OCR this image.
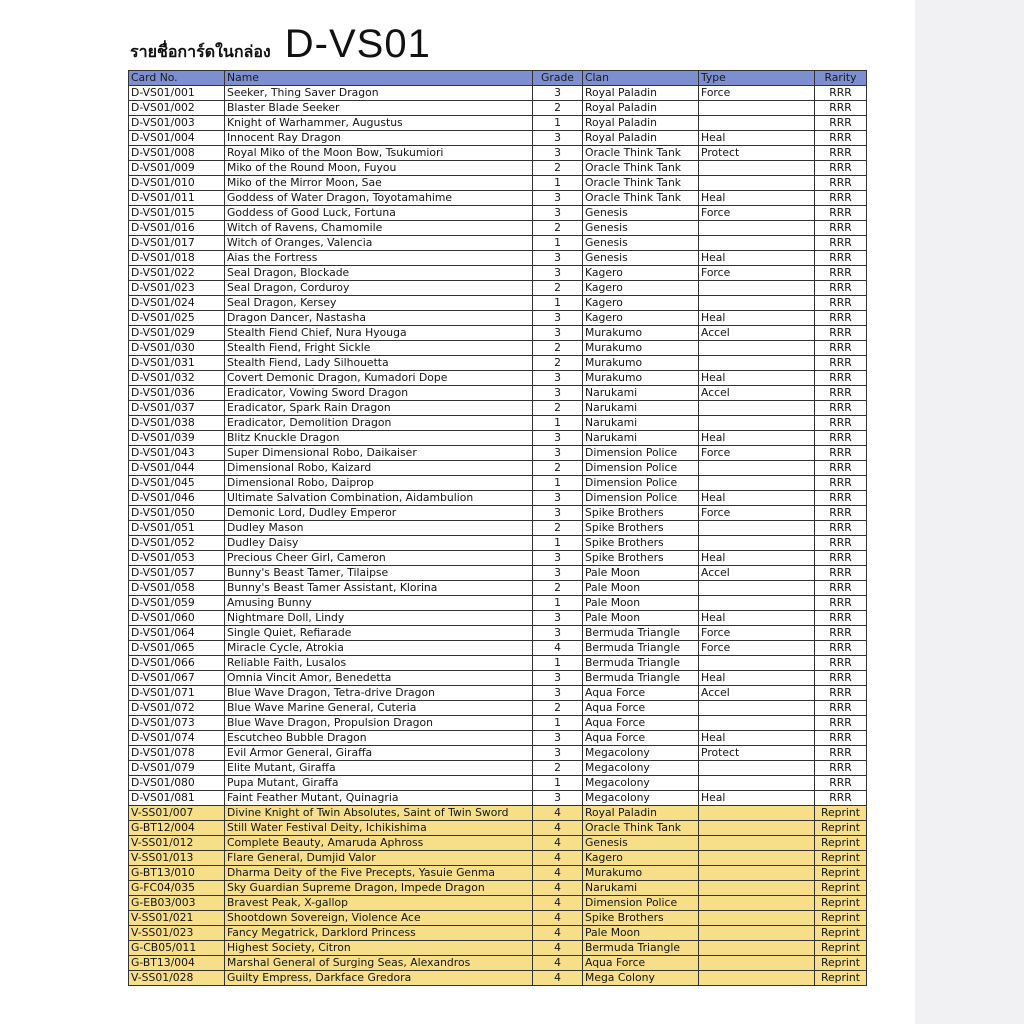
รายชื่อการ์ดในกล่อง D-VS01
Card No.	Name	Grade	Clan	Type	Rarity
D-VS01/001	Seeker, Thing Saver Dragon	3	Royal Paladin	Force	RRR
D-VS01/002	Blaster Blade Seeker	2	Royal Paladin		RRR
D-VS01/003	Knight of Warhammer, Augustus	1	Royal Paladin		RRR
D-VS01/004	Innocent Ray Dragon	3	Royal Paladin	Heal	RRR
D-VS01/008	Royal Miko of the Moon Bow, Tsukumiori	3	Oracle Think Tank	Protect	RRR
D-VS01/009	Miko of the Round Moon, Fuyou	2	Oracle Think Tank		RRR
D-VS01/010	Miko of the Mirror Moon, Sae	1	Oracle Think Tank		RRR
D-VS01/011	Goddess of Water Dragon, Toyotamahime	3	Oracle Think Tank	Heal	RRR
D-VS01/015	Goddess of Good Luck, Fortuna	3	Genesis	Force	RRR
D-VS01/016	Witch of Ravens, Chamomile	2	Genesis		RRR
D-VS01/017	Witch of Oranges, Valencia	1	Genesis		RRR
D-VS01/018	Aias the Fortress	3	Genesis	Heal	RRR
D-VS01/022	Seal Dragon, Blockade	3	Kagero	Force	RRR
D-VS01/023	Seal Dragon, Corduroy	2	Kagero		RRR
D-VS01/024	Seal Dragon, Kersey	1	Kagero		RRR
D-VS01/025	Dragon Dancer, Nastasha	3	Kagero	Heal	RRR
D-VS01/029	Stealth Fiend Chief, Nura Hyouga	3	Murakumo	Accel	RRR
D-VS01/030	Stealth Fiend, Fright Sickle	2	Murakumo		RRR
D-VS01/031	Stealth Fiend, Lady Silhouetta	2	Murakumo		RRR
D-VS01/032	Covert Demonic Dragon, Kumadori Dope	3	Murakumo	Heal	RRR
D-VS01/036	Eradicator, Vowing Sword Dragon	3	Narukami	Accel	RRR
D-VS01/037	Eradicator, Spark Rain Dragon	2	Narukami		RRR
D-VS01/038	Eradicator, Demolition Dragon	1	Narukami		RRR
D-VS01/039	Blitz Knuckle Dragon	3	Narukami	Heal	RRR
D-VS01/043	Super Dimensional Robo, Daikaiser	3	Dimension Police	Force	RRR
D-VS01/044	Dimensional Robo, Kaizard	2	Dimension Police		RRR
D-VS01/045	Dimensional Robo, Daiprop	1	Dimension Police		RRR
D-VS01/046	Ultimate Salvation Combination, Aidambulion	3	Dimension Police	Heal	RRR
D-VS01/050	Demonic Lord, Dudley Emperor	3	Spike Brothers	Force	RRR
D-VS01/051	Dudley Mason	2	Spike Brothers		RRR
D-VS01/052	Dudley Daisy	1	Spike Brothers		RRR
D-VS01/053	Precious Cheer Girl, Cameron	3	Spike Brothers	Heal	RRR
D-VS01/057	Bunny's Beast Tamer, Tilaipse	3	Pale Moon	Accel	RRR
D-VS01/058	Bunny's Beast Tamer Assistant, Klorina	2	Pale Moon		RRR
D-VS01/059	Amusing Bunny	1	Pale Moon		RRR
D-VS01/060	Nightmare Doll, Lindy	3	Pale Moon	Heal	RRR
D-VS01/064	Single Quiet, Refiarade	3	Bermuda Triangle	Force	RRR
D-VS01/065	Miracle Cycle, Atrokia	4	Bermuda Triangle	Force	RRR
D-VS01/066	Reliable Faith, Lusalos	1	Bermuda Triangle		RRR
D-VS01/067	Omnia Vincit Amor, Benedetta	3	Bermuda Triangle	Heal	RRR
D-VS01/071	Blue Wave Dragon, Tetra-drive Dragon	3	Aqua Force	Accel	RRR
D-VS01/072	Blue Wave Marine General, Cuteria	2	Aqua Force		RRR
D-VS01/073	Blue Wave Dragon, Propulsion Dragon	1	Aqua Force		RRR
D-VS01/074	Escutcheo Bubble Dragon	3	Aqua Force	Heal	RRR
D-VS01/078	Evil Armor General, Giraffa	3	Megacolony	Protect	RRR
D-VS01/079	Elite Mutant, Giraffa	2	Megacolony		RRR
D-VS01/080	Pupa Mutant, Giraffa	1	Megacolony		RRR
D-VS01/081	Faint Feather Mutant, Quinagria	3	Megacolony	Heal	RRR
V-SS01/007	Divine Knight of Twin Absolutes, Saint of Twin Sword	4	Royal Paladin		Reprint
G-BT12/004	Still Water Festival Deity, Ichikishima	4	Oracle Think Tank		Reprint
V-SS01/012	Complete Beauty, Amaruda Aphross	4	Genesis		Reprint
V-SS01/013	Flare General, Dumjid Valor	4	Kagero		Reprint
G-BT13/010	Dharma Deity of the Five Precepts, Yasuie Genma	4	Murakumo		Reprint
G-FC04/035	Sky Guardian Supreme Dragon, Impede Dragon	4	Narukami		Reprint
G-EB03/003	Bravest Peak, X-gallop	4	Dimension Police		Reprint
V-SS01/021	Shootdown Sovereign, Violence Ace	4	Spike Brothers		Reprint
V-SS01/023	Fancy Megatrick, Darklord Princess	4	Pale Moon		Reprint
G-CB05/011	Highest Society, Citron	4	Bermuda Triangle		Reprint
G-BT13/004	Marshal General of Surging Seas, Alexandros	4	Aqua Force		Reprint
V-SS01/028	Guilty Empress, Darkface Gredora	4	Mega Colony		Reprint
